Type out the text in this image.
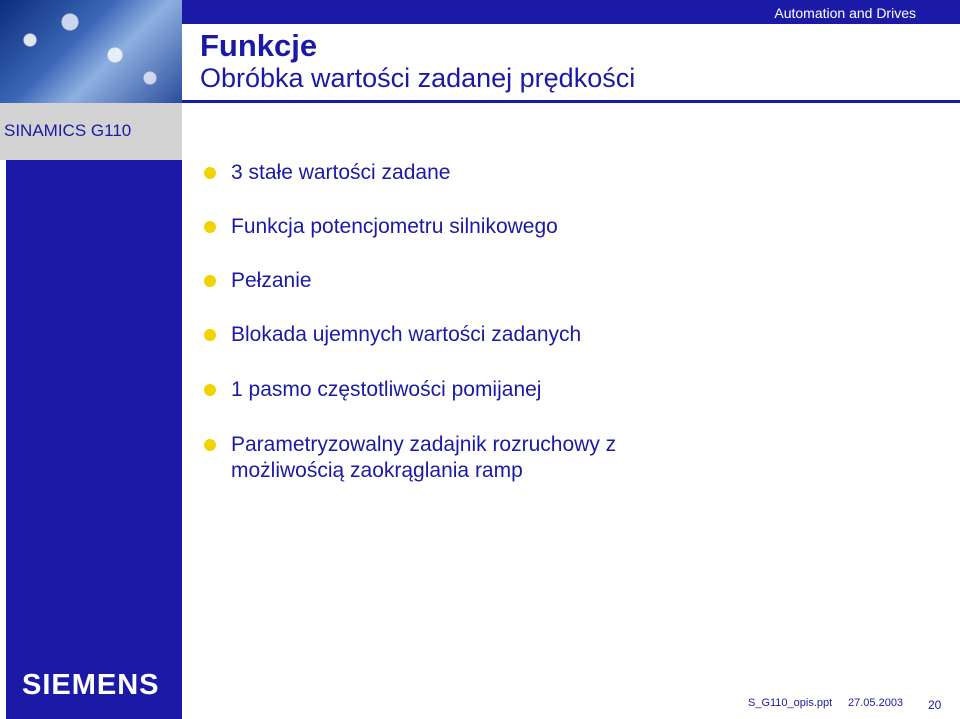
Automation and Drives
Funkcje
Obróbka wartości zadanej prędkości
SINAMICS G110
SIEMENS
3 stałe wartości zadane
Funkcja potencjometru silnikowego
Pełzanie
Blokada ujemnych wartości zadanych
1 pasmo częstotliwości pomijanej
Parametryzowalny zadajnik rozruchowy z możliwością zaokrąglania ramp
S_G110_opis.ppt 27.05.2003 20
